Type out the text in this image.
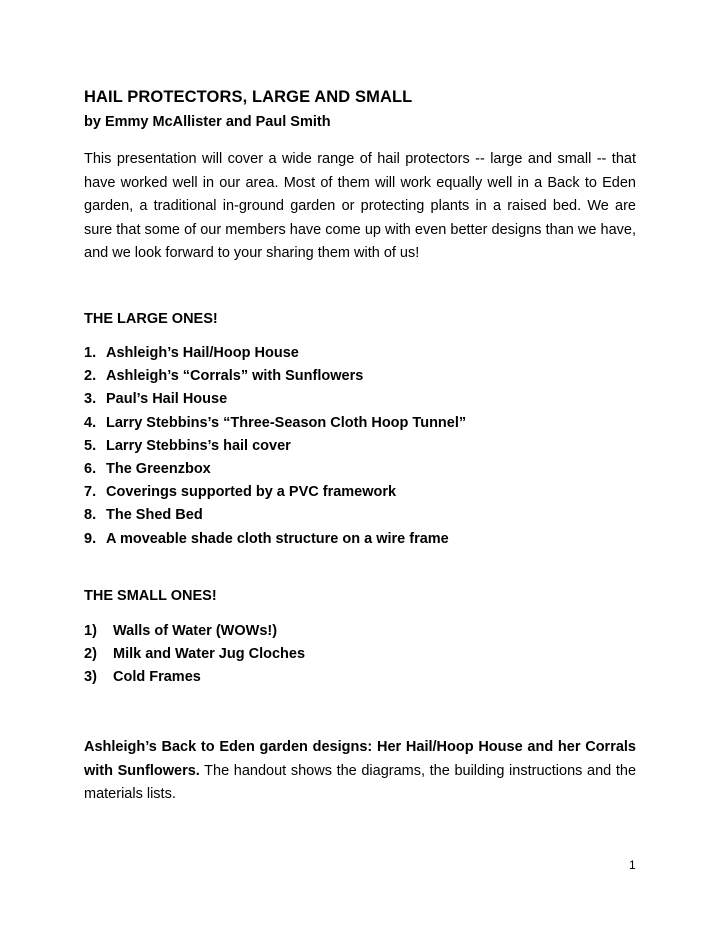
HAIL PROTECTORS, LARGE AND SMALL
by Emmy McAllister and Paul Smith
This presentation will cover a wide range of hail protectors -- large and small -- that have worked well in our area. Most of them will work equally well in a Back to Eden garden, a traditional in-ground garden or protecting plants in a raised bed. We are sure that some of our members have come up with even better designs than we have, and we look forward to your sharing them with of us!
THE LARGE ONES!
1. Ashleigh’s Hail/Hoop House
2. Ashleigh’s “Corrals” with Sunflowers
3. Paul’s Hail House
4. Larry Stebbins’s “Three-Season Cloth Hoop Tunnel”
5. Larry Stebbins’s hail cover
6. The Greenzbox
7. Coverings supported by a PVC framework
8. The Shed Bed
9. A moveable shade cloth structure on a wire frame
THE SMALL ONES!
1) Walls of Water (WOWs!)
2) Milk and Water Jug Cloches
3) Cold Frames
Ashleigh’s Back to Eden garden designs: Her Hail/Hoop House and her Corrals with Sunflowers. The handout shows the diagrams, the building instructions and the materials lists.
1
